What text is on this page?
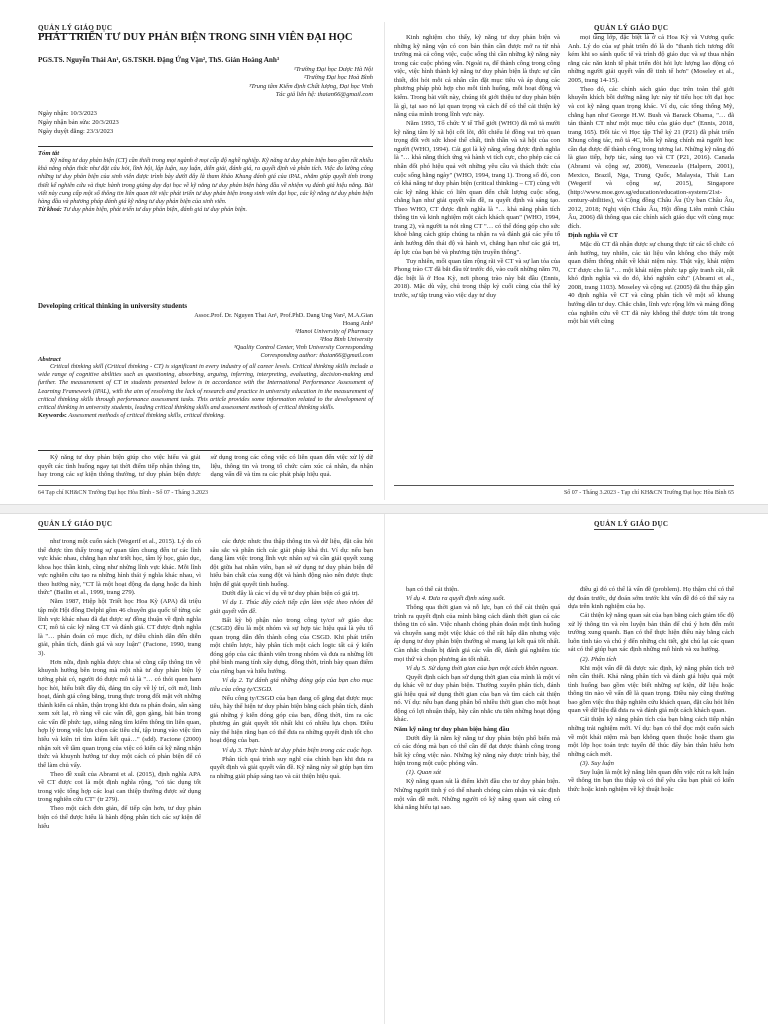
QUẢN LÝ GIÁO DỤC	QUẢN LÝ GIÁO DỤC
PHÁT TRIỂN TƯ DUY PHẢN BIỆN TRONG SINH VIÊN ĐẠI HỌC
PGS.TS. Nguyễn Thái An¹, GS.TSKH. Đặng Ứng Vận², ThS. Giản Hoàng Anh³
¹Trường Đại học Dược Hà Nội
²Trường Đại học Hoà Bình
³Trung tâm Kiểm định Chất lượng, Đại học Vinh
Tác giả liên hệ: thaian66@gmail.com
Ngày nhận: 10/3/2023
Ngày nhận bản sửa: 20/3/2023
Ngày duyệt đăng: 23/3/2023
Tóm tắt
Kỹ năng tư duy phản biện (CT) cần thiết trong mọi ngành ở mọi cấp độ nghề nghiệp. Kỹ năng tư duy phản biện bao gồm rất nhiều khả năng nhận thức như đặt câu hỏi, lĩnh hội, lập luận, suy luận, diễn giải, đánh giá, ra quyết định và phân tích. Việc đo lường công những tư duy phản biện của sinh viên được trình bày dưới đây là tham khảo Khung đánh giá của iPAL, nhằm giúp quyết tính trong thiết kế nghiên cứu và thực hành trong giảng dạy đại học về kỹ năng tư duy phản biện hàng đầu về nhiệm vụ đánh giá hiệu năng. Bài viết này cung cấp một số thông tin liên quan tới việc phát triển tư duy phản biện trong sinh viên đại học, các kỹ năng tư duy phản biện hàng đầu và phương pháp đánh giá kỹ năng tư duy phản biện của sinh viên.
Từ khoá: Tư duy phản biện, phát triển tư duy phản biện, đánh giá tư duy phản biện.
Developing critical thinking in university students
Assoc.Prof. Dr. Nguyen Thai An¹, Prof.PhD. Dang Ung Van², M.A.Gian Hoang Anh³
¹Hanoi University of Pharmacy
²Hoa Binh University
³Quality Control Center, Vinh University Corresponding
Corresponding author: thaian66@gmail.com
Abstract
Critical thinking skill (Critical thinking - CT) is significant in every industry of all career levels. Critical thinking skills include a wide range of cognitive abilities such as questioning, absorbing, arguing, inferring, interpreting, evaluating, decision-making and further. The measurement of CT in students presented below is in accordance with the International Performance Assessment of Learning Framework (iPAL), with the aim of resolving the lack of research and practice in university education in the measurement of critical thinking skills through performance assessment tasks. This article provides some information related to the development of critical thinking in university students, leading critical thinking skills and assessment methods of critical thinking skills.
Keywords: Assessment methods of critical thinking skills, critical thinking.

Kỹ năng tư duy phản biện giúp cho việc hiểu và giải quyết các tình huống ngay tại thời điểm tiếp nhận thông tin, hay trong các sự kiện thông thường, tư duy phản biện được sử dụng trong các công việc có liên quan đến việc xử lý dữ liệu, thông tin và trong tổ chức cảm xúc cá nhân, đa nhận dạng vấn đề và tìm ra các phát pháp hiệu quả.

Kinh nghiệm cho thấy, kỹ năng tư duy phản biện và những kỹ năng vận có con bản thân cần được mở ra từ nhà trường mà cả công việc, cuộc sống thì cần những kỹ năng này trong các cuộc phỏng vấn. Ngoài ra, để thành công trong công việc, việc hình thành kỹ năng tư duy phản biện là thực sự cần thiết, đòi hỏi mỗi cá nhân cần đặt mục tiêu và áp dụng các phương pháp phù hợp cho mỗi tình huống, mỗi hoạt động và kiểm. Trong bài viết này, chúng tôi giới thiệu tư duy phản biện là gì, tại sao nó lại quan trọng và cách để có thể cải thiện kỹ năng của mình trong lĩnh vực này.

Năm 1993, Tổ chức Y tế Thế giới (WHO) đã mô tả mười kỹ năng tâm lý xã hội cốt lõi, đối chiếu lẻ đồng vai trò quan trọng đối với sức khoẻ thể chất, tinh thần và xã hội của con người (WHO, 1994). Cái gọi là kỹ năng sống được định nghĩa là "… khả năng thích ứng và hành vi tích cực, cho phép các cá nhân đối phó hiệu quả với những yêu cầu và thách thức của cuộc sống hằng ngày" (WHO, 1994, trang 1). Trong số đó, con có khả năng tư duy phản biện (critical thinking – CT) cùng với các kỹ năng khác có liên quan đến chất lượng cuộc sống, chẳng hạn như giải quyết vấn đề, ra quyết định và sáng tạo. Theo WHO, CT được định nghĩa là "… khả năng phân tích thông tin và kinh nghiệm một cách khách quan" (WHO, 1994, trang 2), và người ta nói rằng CT "… có thể đóng góp cho sức khoẻ bằng cách giúp chúng ta nhận ra và đánh giá các yếu tố ảnh hưởng đến thái độ và hành vi, chẳng hạn như các giá trị, áp lực của bạn bè và phương tiện truyền thông".

Tuy nhiên, mối quan tâm rộng rãi về CT và sự lan tỏa của Phong trào CT đã bắt đầu từ trước đó, vào cuối những năm 70, đặc biệt là ở Hoa Kỳ, nơi phong trào này bắt đầu (Ennis, 2018). Mặc dù vậy, chủ trong thập kỷ cuối cùng của thế kỷ trước, sự tập trung vào việc dạy tư duy

mọi tầng lớp, đặc biệt là ở cả Hoa Kỳ và Vương quốc Anh. Lý do của sự phát triển đó là do "thanh tích tương đối kém khi so sánh quốc tế và trình độ giáo dục và sự thua nhận rằng các năn kinh tế phát triển đòi hỏi lực lượng lao động có những người giải quyết vấn đề tinh tế hơn" (Moseley et al., 2005, trang 14-15).

Theo đó, các chính sách giáo dục trên toàn thế giới khuyến khích bồi dưỡng năng lực này từ tiểu học tới đại học và coi kỹ năng quan trọng khác. Ví dụ, các tổng thống Mỹ, chẳng hạn như George H.W. Bush và Barack Obama, "… đã tán thành CT như một mục tiêu của giáo dục" (Ennis, 2018, trang 165). Đối tác vì Học tập Thế kỷ 21 (P21) đã phát triển Khung công tác, mô tả 4C, bốn kỹ năng chính mà người học cần đạt được để thành công trong tương lai. Những kỹ năng đó là giao tiếp, hợp tác, sáng tạo và CT (P21, 2016). Canada (Abrami và cộng sự, 2008), Venezuela (Halpern, 2001), Mexico, Brazil, Nga, Trung Quốc, Malaysia, Thái Lan (Wegerif và cộng sự, 2015), Singapore (http://www.moe.gov.sg/education/education-system/21st-century-abilities), và Cộng đồng Châu Âu (Ủy ban Châu Âu, 2012, 2018; Nghị viện Châu Âu, Hội đồng Liên minh Châu Âu, 2006) đã thông qua các chính sách giáo dục với cùng mục đích.

Định nghĩa về CT

Mặc dù CT đã nhận được sự chung thực từ các tổ chức có ảnh hưởng, tuy nhiên, các tài liệu vẫn không cho thấy một quan điểm thống nhất về khái niệm này. Thật vậy, khái niệm CT được cho là "… một khái niệm phức tạp gây tranh cãi, rất khó định nghĩa và do đó, khó nghiên cứu" (Abrami et al., 2008, trang 1103). Moseley và cộng sự. (2005) đã thu thập gần 40 định nghĩa về CT và cũng phân tích về một số khung hướng dẫn tư duy. Chắc chắn, lĩnh vực rộng lớn và mảng đồng của nghiên cứu về CT đã này không thể được tóm tắt trong một bài viết cũng

64 Tạp chí KH&CN Trường Đại học Hòa Bình - Số 07 - Tháng 3.2023	Số 07 - Tháng 3.2023 - Tạp chí KH&CN Trường Đại học Hòa Bình 65
QUẢN LÝ GIÁO DỤC	QUẢN LÝ GIÁO DỤC

như trong một cuốn sách (Wegerif et al., 2015). Lý do có thể được tìm thấy trong sự quan tâm chung đến tư các lĩnh vực khác nhau, chẳng hạn như triết học, tâm lý học, giáo dục, khoa học thần kinh, cũng như những lĩnh vực khác. Mỗi lĩnh vực nghiên cứu tạo ra những hình thái ý nghĩa khác nhau, vì theo hướng này, "CT là một hoạt động đa dạng hoặc đa hình thức" (Bailin et al., 1999, trang 279).

Năm 1987, Hiệp hội Triết học Hoa Kỳ (APA) đã triệu tập một Hội đồng Delphi gồm 46 chuyên gia quốc tế từng các lĩnh vực khác nhau đã đạt được sự đồng thuận về định nghĩa CT, mô tả các kỹ năng CT và đánh giá. CT được định nghĩa là "… phán đoán có mục đích, tự điều chỉnh dẫn đến diễn giải, phân tích, đánh giá và suy luận" (Facione, 1990, trang 3).

Hơn nữa, định nghĩa được chia sẻ cũng cấp thông tin về khuynh hướng bên trong mà một nhà tư duy phản biện lý tưởng phải có, người đó được mô tả là "… có thói quen ham học hỏi, hiểu biết đầy đủ, đáng tin cậy về lý trí, cởi mở, linh hoạt, đánh giá công bằng, trung thực trong đối mặt với những thành kiến cá nhân, thận trọng khi đưa ra phán đoán, sẵn sàng xem xét lại, rõ ràng về các vấn đề, gọn gàng, bài bản trong các vấn đề phức tạp, siêng năng tìm kiếm thông tin liên quan, hợp lý trong việc lựa chọn các tiêu chí, tập trung vào việc tìm hiểu và kiên trì tìm kiếm kết quả…" (sđd). Facione (2000) nhận xét về tầm quan trọng của việc có kiến cá kỹ năng nhận thức và khuynh hướng tư duy một cách có phản biện để có thể làm chủ vấy.

Theo đề xuất của Abrami et al. (2015), định nghĩa APA về CT được coi là một định nghĩa rộng, "có tác dụng tốt trong việc tổng hợp các loại can thiệp thường được sử dụng trong nghiên cứu CT" (tr 279).

Theo một cách đơn giản, để tiếp cận hơn, tư duy phản biện có thể được hiểu là hành động phân tích các sự kiện để hiểu

các được nhưc thu thập thông tin và dữ liệu, đặt câu hỏi sâu sắc và phân tích các giải pháp khả thi. Ví dụ: nếu bạn đang làm việc trong lĩnh vực nhân sự và cần giải quyết xung đột giữa hai nhân viên, bạn sẽ sử dụng tư duy phản biện để hiểu bản chất của xung đột và hành động nào nên được thực hiện để giải quyết tình huống.

Dưới đây là các ví dụ về tư duy phản biện có giá trị.

Ví dụ 1. Thúc đẩy cách tiếp cận làm việc theo nhóm để giải quyết vấn đề.

Bất kỳ bộ phận nào trong công ty/cơ sở giáo dục (CSGD) đều là một nhóm và sự hợp tác hiệu quả là yêu tố quan trọng dẫn đến thành công của CSGD. Khi phát triển một chiến lược, hãy phân tích một cách logic tất cả ý kiến đóng góp của các thành viên trong nhóm và đưa ra những lời phê bình mang tính xây dựng, đồng thời, trình bày quan điểm của riêng bạn và hiểu hướng.

Ví dụ 2. Tự đánh giá những đóng góp của bạn cho mục tiêu của công ty/CSGD.

Nếu công ty/CSGD của bạn đang cố gắng đạt được mục tiêu, hãy thể hiện tư duy phản biện bằng cách phân tích, đánh giá những ý kiến đóng góp của bạn, đồng thời, tìm ra các phương án giải quyết tốt nhất khi có nhiều lựa chọn. Điều này thể hiện rằng bạn có thể đưa ra những quyết định tốt cho hoạt động của bạn.

Ví dụ 3. Thực hành tư duy phản biện trong các cuộc họp.

Phân tích quá trình suy nghĩ của chính bạn khi đưa ra quyết định và giải quyết vấn đề. Kỹ năng này sẽ giúp bạn tìm ra những giải pháp sáng tạo và cải thiện hiệu quả.

bạn có thể cải thiện.

Ví dụ 4. Đưa ra quyết định sáng suốt.

Thông qua thời gian và nỗ lực, bạn có thể cải thiện quá trình ra quyết định của mình bằng cách dành thời gian cá các thông tin có sẵn. Việc nhanh chóng phán đoán một tình huống và chuyển sang một việc khác có thể rất hấp dẫn nhưng việc áp dụng tư duy phản biện thường sẽ mang lại kết quả tốt nhất. Càn nhắc chuẩn bị đánh giá các vấn đề, đánh giá nghiêm túc mọi thứ và chọn phương án tốt nhất.

Ví dụ 5. Sử dụng thời gian của bạn một cách khôn ngoan.

Quyết định cách bạn sử dụng thời gian của mình là một ví dụ khác về tư duy phản biện. Thường xuyên phân tích, đánh giá hiệu quả sử dụng thời gian của bạn và tìm cách cải thiện nó. Ví dụ: nếu bạn đang phân bổ nhiều thời gian cho một hoạt động có lợi nhuận thấp, hãy cân nhắc ưu tiên những hoạt động khác.

Năm kỹ năng tư duy phản biện hàng đầu

Dưới đây là năm kỹ năng tư duy phản biện phổ biến mà có các đóng mà bạn có thể cần để đạt được thành công trong bất kỳ công việc nào. Những kỹ năng này được trình bày, thể hiện trong một cuộc phỏng vấn.

(1). Quan sát

Kỹ năng quan sát là điểm khởi đầu cho tư duy phản biện. Những người tinh ý có thể nhanh chóng cảm nhận và xác định một vấn đề mới. Những người có kỹ năng quan sát cũng có khả năng hiểu tại sao.

điều gì đó có thể là vấn đề (problem). Họ thậm chí có thể dự đoán trước, dự đoán sớm trước khi vấn đề đó có thể xảy ra dựa trên kinh nghiệm của họ.

Cải thiện kỹ năng quan sát của bạn bằng cách giảm tốc độ xử lý thông tin và rèn luyện bản thân để chú ý hơn đến môi trường xung quanh. Bạn có thể thực hiện điều này bằng cách luôn tỉnh táo và chú ý đến những chi tiết, ghi chú lại các quan sát có thể giúp bạn xác định những mô hình và xu hướng.

(2). Phân tích

Khi một vấn đề đã được xác định, kỹ năng phân tích trở nên cần thiết. Khả năng phân tích và đánh giá hiệu quả một tình huống bao gồm việc biết những sự kiện, dữ liệu hoặc thông tin nào về vấn đề là quan trọng. Điều này cũng thường bao gồm việc thu thập nghiên cứu khách quan, đặt câu hỏi liên quan về dữ liệu đã đưa ra và đánh giá một cách khách quan.

Cải thiện kỹ năng phân tích của bạn bằng cách tiếp nhận những trải nghiệm mới. Ví dụ: bạn có thể đọc một cuốn sách về một khái niệm mà bạn không quen thuộc hoặc tham gia một lớp học toán trực tuyến để thúc đẩy bản thân hiểu hơn những cách mới.

(3). Suy luận

Suy luận là một kỹ năng liên quan đến việc rút ra kết luận về thông tin bạn thu thập và có thể yêu cầu bạn phải có kiến thức hoặc kinh nghiệm về kỹ thuật hoặc
